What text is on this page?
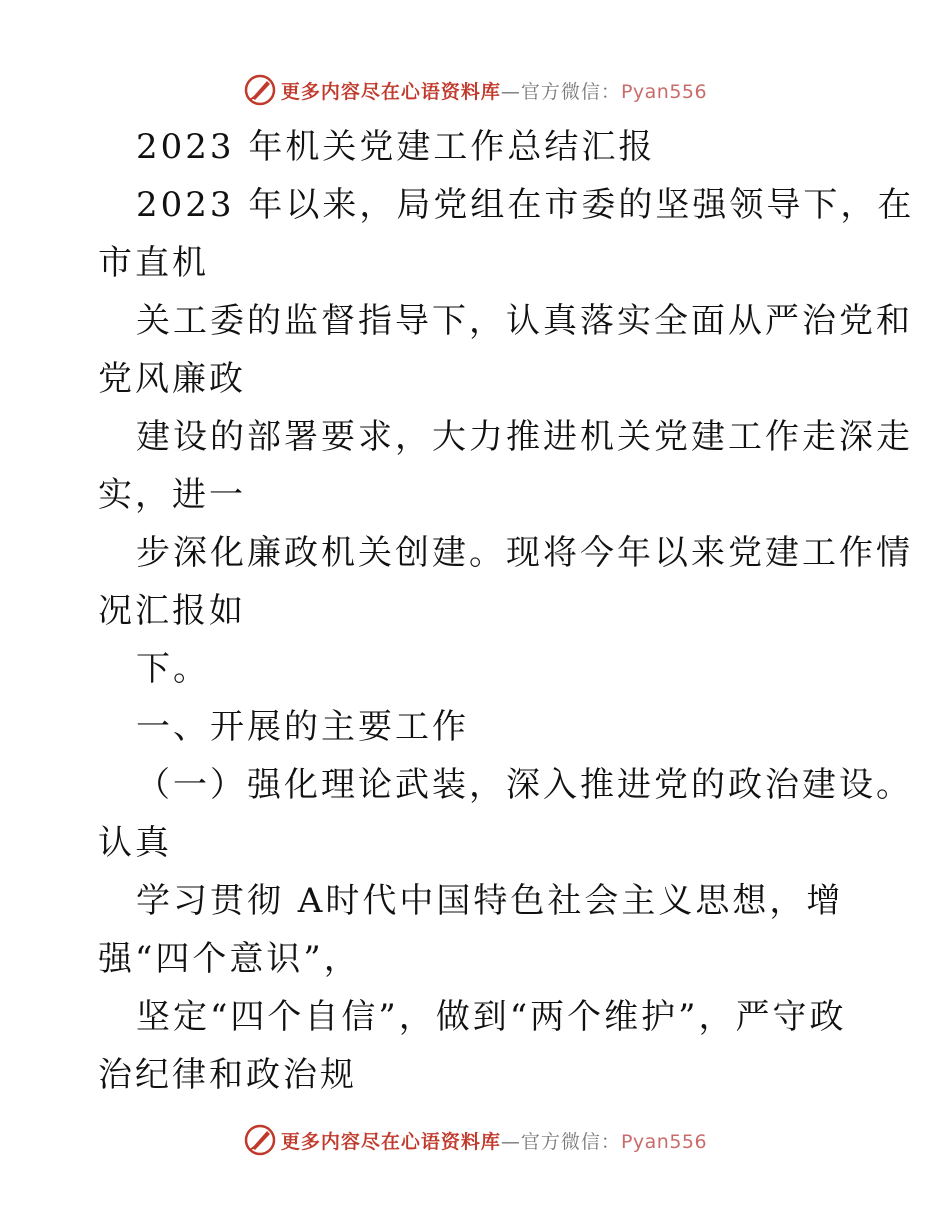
更多内容尽在心语资料库—官方微信：Pyan556
2023 年机关党建工作总结汇报
2023 年以来，局党组在市委的坚强领导下，在
市直机
关工委的监督指导下，认真落实全面从严治党和
党风廉政
建设的部署要求，大力推进机关党建工作走深走
实，进一
步深化廉政机关创建。现将今年以来党建工作情
况汇报如
下。
一、开展的主要工作
（一）强化理论武装，深入推进党的政治建设。
认真
学习贯彻 A时代中国特色社会主义思想，增
强“四个意识”，
坚定“四个自信”，做到“两个维护”，严守政
治纪律和政治规
更多内容尽在心语资料库—官方微信：Pyan556
